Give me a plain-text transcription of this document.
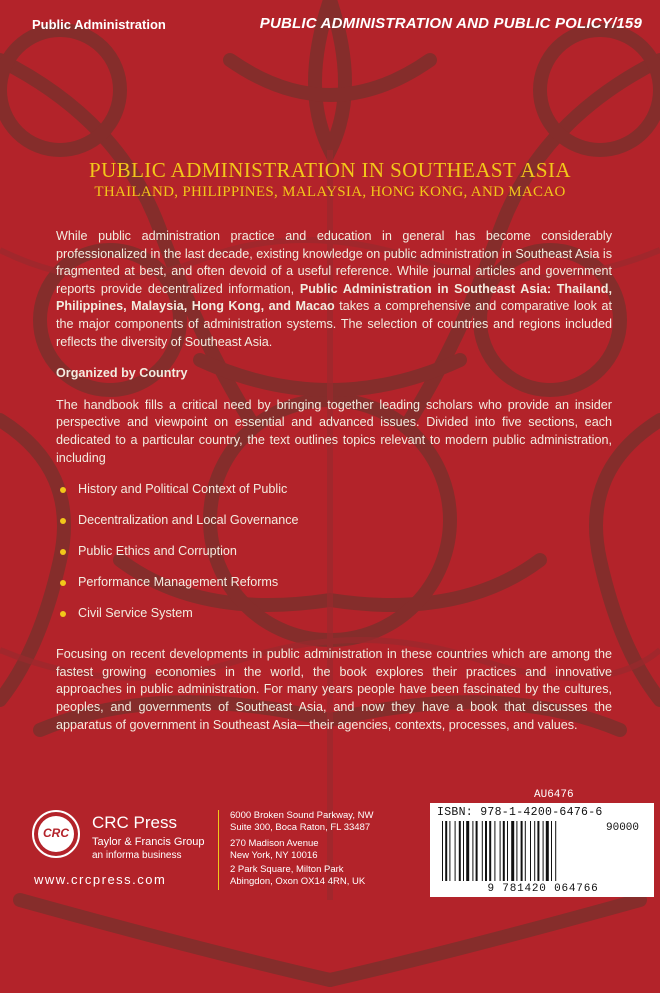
Public Administration	PUBLIC ADMINISTRATION AND PUBLIC POLICY/159
PUBLIC ADMINISTRATION IN SOUTHEAST ASIA
THAILAND, PHILIPPINES, MALAYSIA, HONG KONG, AND MACAO

While public administration practice and education in general has become considerably professionalized in the last decade, existing knowledge on public administration in Southeast Asia is fragmented at best, and often devoid of a useful reference. While journal articles and government reports provide decentralized information, Public Administration in Southeast Asia: Thailand, Philippines, Malaysia, Hong Kong, and Macao takes a comprehensive and comparative look at the major components of administration systems. The selection of countries and regions included reflects the diversity of Southeast Asia.

Organized by Country

The handbook fills a critical need by bringing together leading scholars who provide an insider perspective and viewpoint on essential and advanced issues. Divided into five sections, each dedicated to a particular country, the text outlines topics relevant to modern public administration, including

History and Political Context of Public
Decentralization and Local Governance
Public Ethics and Corruption
Performance Management Reforms
Civil Service System

Focusing on recent developments in public administration in these countries which are among the fastest growing economies in the world, the book explores their practices and innovative approaches in public administration. For many years people have been fascinated by the cultures, peoples, and governments of Southeast Asia, and now they have a book that discusses the apparatus of government in Southeast Asia—their agencies, contexts, processes, and values.

CRC
CRC Press
Taylor & Francis Group
an informa business
www.crcpress.com
6000 Broken Sound Parkway, NW
Suite 300, Boca Raton, FL 33487
270 Madison Avenue
New York, NY 10016
2 Park Square, Milton Park
Abingdon, Oxon OX14 4RN, UK
AU6476
ISBN: 978-1-4200-6476-6
90000
9 781420 064766
